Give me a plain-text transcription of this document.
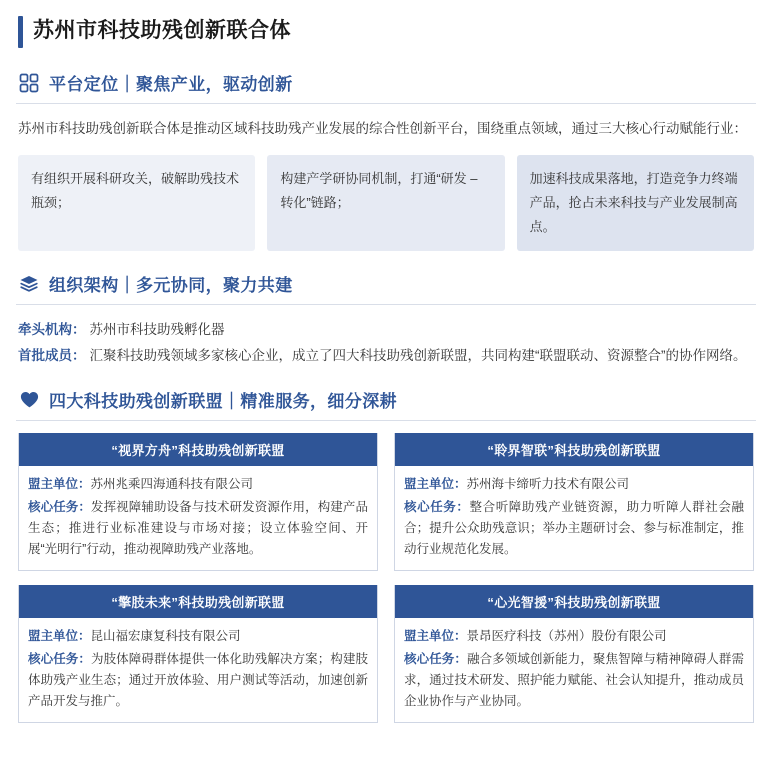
苏州市科技助残创新联合体
平台定位｜聚焦产业，驱动创新

苏州市科技助残创新联合体是推动区域科技助残产业发展的综合性创新平台，围绕重点领域，通过三大核心行动赋能行业：

有组织开展科研攻关，破解助残技术瓶颈；
构建产学研协同机制，打通“研发 – 转化”链路；
加速科技成果落地，打造竞争力终端产品，抢占未来科技与产业发展制高点。
组织架构｜多元协同，聚力共建
牵头机构： 苏州市科技助残孵化器
首批成员： 汇聚科技助残领域多家核心企业，成立了四大科技助残创新联盟，共同构建“联盟联动、资源整合”的协作网络。
四大科技助残创新联盟｜精准服务，细分深耕
“视界方舟”科技助残创新联盟
盟主单位：苏州兆乘四海通科技有限公司
核心任务：发挥视障辅助设备与技术研发资源作用，构建产品生态；推进行业标准建设与市场对接；设立体验空间、开展“光明行”行动，推动视障助残产业落地。
“聆界智联”科技助残创新联盟
盟主单位：苏州海卡缔听力技术有限公司
核心任务：整合听障助残产业链资源，助力听障人群社会融合；提升公众助残意识；举办主题研讨会、参与标准制定，推动行业规范化发展。
“擎肢未来”科技助残创新联盟
盟主单位：昆山福宏康复科技有限公司
核心任务：为肢体障碍群体提供一体化助残解决方案；构建肢体助残产业生态；通过开放体验、用户测试等活动，加速创新产品开发与推广。
“心光智援”科技助残创新联盟
盟主单位：景昂医疗科技（苏州）股份有限公司
核心任务：融合多领域创新能力，聚焦智障与精神障碍人群需求，通过技术研发、照护能力赋能、社会认知提升，推动成员企业协作与产业协同。
